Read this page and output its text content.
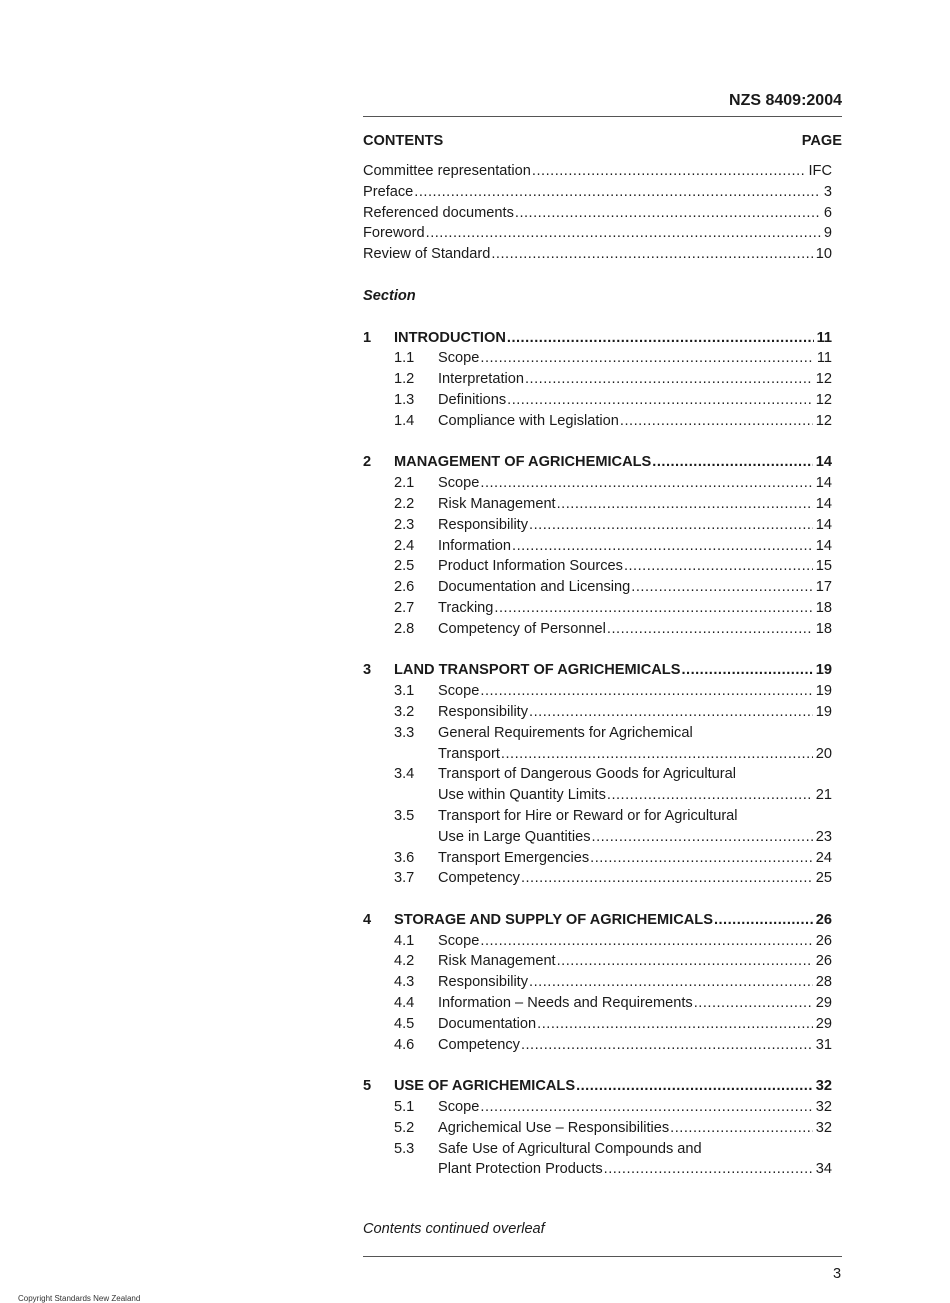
NZS 8409:2004
CONTENTS	PAGE
Committee representation .....	IFC
Preface .....	3
Referenced documents .....	6
Foreword .....	9
Review of Standard .....	10
Section
1	INTRODUCTION .....	11
1.1	Scope .....	11
1.2	Interpretation .....	12
1.3	Definitions .....	12
1.4	Compliance with Legislation .....	12
2	MANAGEMENT OF AGRICHEMICALS .....	14
2.1	Scope .....	14
2.2	Risk Management .....	14
2.3	Responsibility .....	14
2.4	Information .....	14
2.5	Product Information Sources .....	15
2.6	Documentation and Licensing .....	17
2.7	Tracking .....	18
2.8	Competency of Personnel .....	18
3	LAND TRANSPORT OF AGRICHEMICALS .....	19
3.1	Scope .....	19
3.2	Responsibility .....	19
3.3	General Requirements for Agrichemical
Transport .....	20
3.4	Transport of Dangerous Goods for Agricultural
Use within Quantity Limits .....	21
3.5	Transport for Hire or Reward or for Agricultural
Use in Large Quantities .....	23
3.6	Transport Emergencies .....	24
3.7	Competency .....	25
4	STORAGE AND SUPPLY OF AGRICHEMICALS .....	26
4.1	Scope .....	26
4.2	Risk Management .....	26
4.3	Responsibility .....	28
4.4	Information – Needs and Requirements .....	29
4.5	Documentation .....	29
4.6	Competency .....	31
5	USE OF AGRICHEMICALS .....	32
5.1	Scope .....	32
5.2	Agrichemical Use – Responsibilities .....	32
5.3	Safe Use of Agricultural Compounds and
Plant Protection Products .....	34
Contents continued overleaf
3
Copyright Standards New Zealand
